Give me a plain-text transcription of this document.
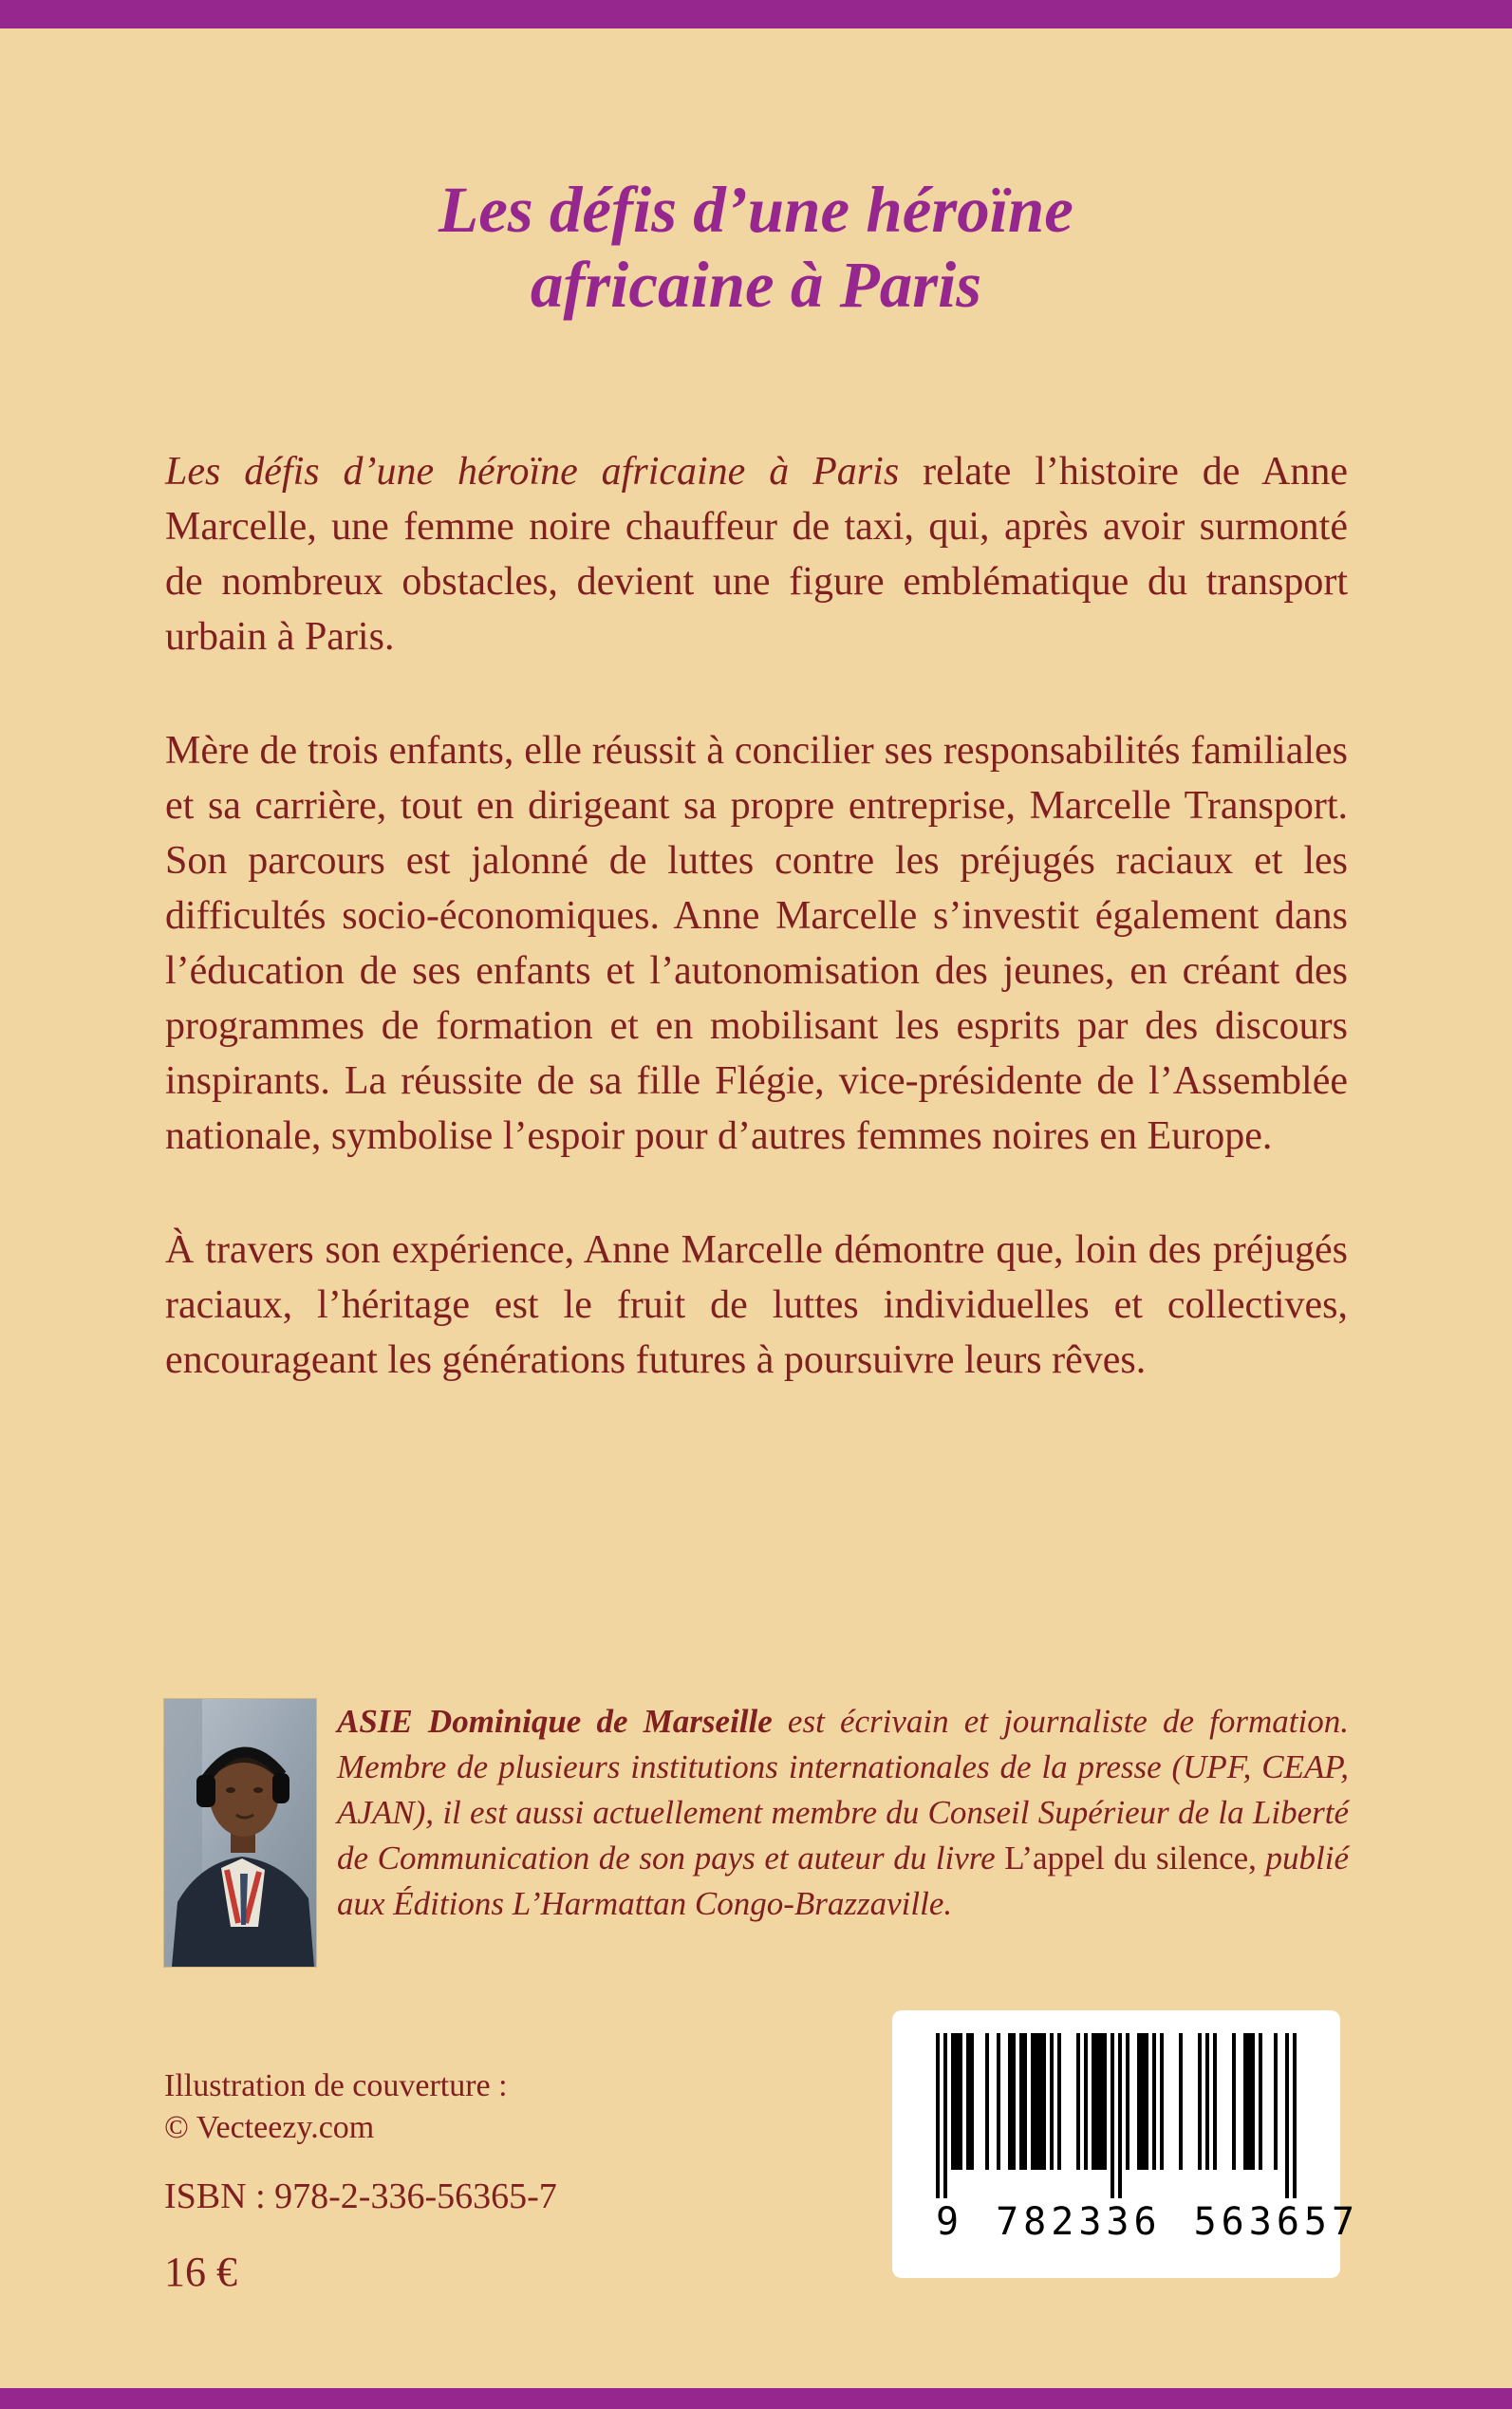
Les défis d’une héroïne africaine à Paris

Les défis d’une héroïne africaine à Paris relate l’histoire de Anne Marcelle, une femme noire chauffeur de taxi, qui, après avoir surmonté de nombreux obstacles, devient une figure emblématique du transport urbain à Paris.

Mère de trois enfants, elle réussit à concilier ses responsabilités familiales et sa carrière, tout en dirigeant sa propre entreprise, Marcelle Transport. Son parcours est jalonné de luttes contre les préjugés raciaux et les difficultés socio-économiques. Anne Marcelle s’investit également dans l’éducation de ses enfants et l’autonomisation des jeunes, en créant des programmes de formation et en mobilisant les esprits par des discours inspirants. La réussite de sa fille Flégie, vice-présidente de l’Assemblée nationale, symbolise l’espoir pour d’autres femmes noires en Europe.

À travers son expérience, Anne Marcelle démontre que, loin des préjugés raciaux, l’héritage est le fruit de luttes individuelles et collectives, encourageant les générations futures à poursuivre leurs rêves.

ASIE Dominique de Marseille est écrivain et journaliste de formation. Membre de plusieurs institutions internationales de la presse (UPF, CEAP, AJAN), il est aussi actuellement membre du Conseil Supérieur de la Liberté de Communication de son pays et auteur du livre L’appel du silence, publié aux Éditions L’Harmattan Congo-Brazzaville.

Illustration de couverture :
© Vecteezy.com
ISBN : 978-2-336-56365-7
16 €
9 782336 563657
